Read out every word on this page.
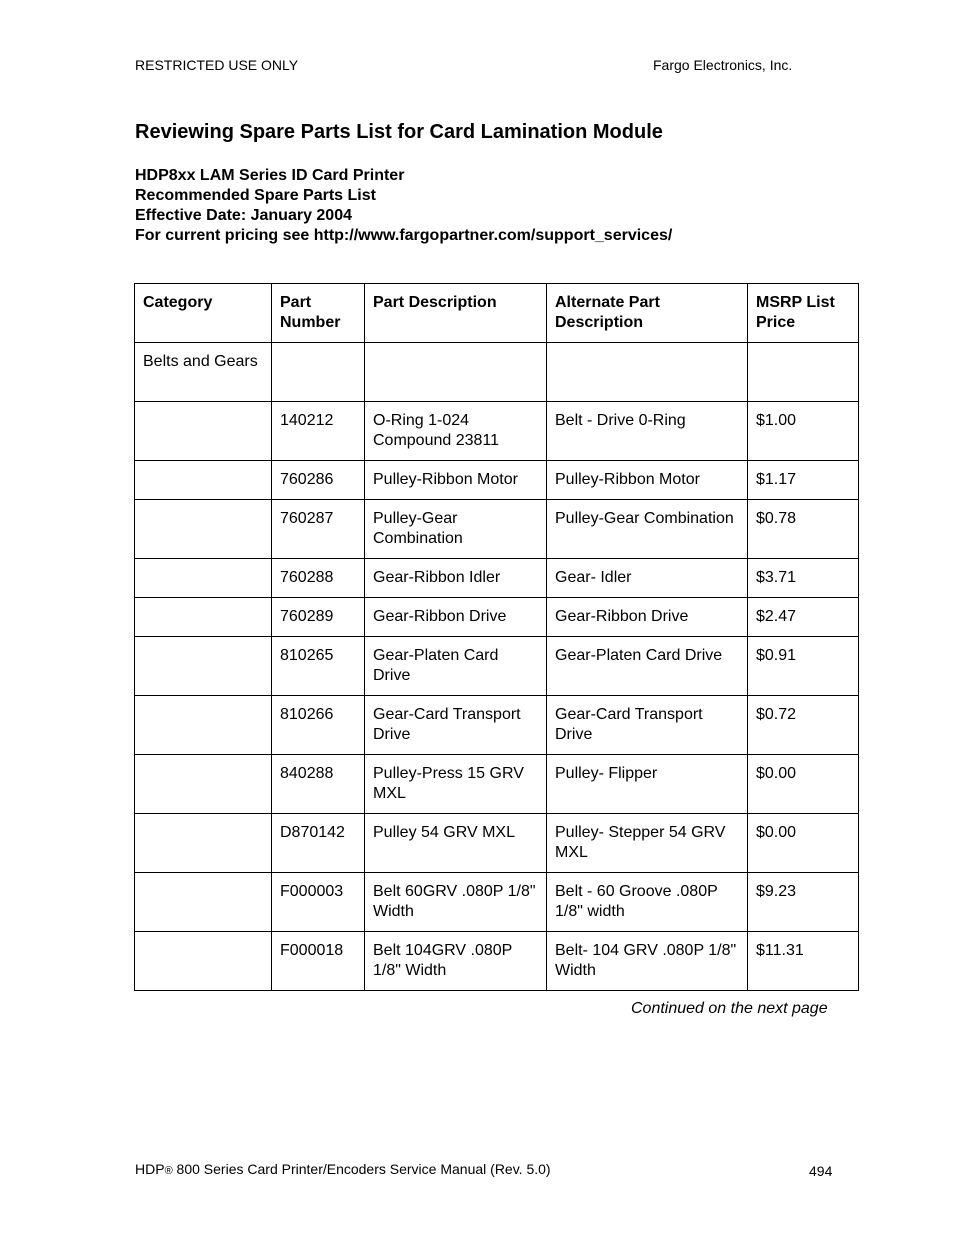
RESTRICTED USE ONLY	Fargo Electronics, Inc.
Reviewing Spare Parts List for Card Lamination Module
HDP8xx LAM Series ID Card Printer
Recommended Spare Parts List
Effective Date: January 2004
For current pricing see http://www.fargopartner.com/support_services/
Category	Part Number	Part Description	Alternate Part Description	MSRP List Price
Belts and Gears				
	140212	O-Ring 1-024 Compound 23811	Belt - Drive 0-Ring	$1.00
	760286	Pulley-Ribbon Motor	Pulley-Ribbon Motor	$1.17
	760287	Pulley-Gear Combination	Pulley-Gear Combination	$0.78
	760288	Gear-Ribbon Idler	Gear- Idler	$3.71
	760289	Gear-Ribbon Drive	Gear-Ribbon Drive	$2.47
	810265	Gear-Platen Card Drive	Gear-Platen Card Drive	$0.91
	810266	Gear-Card Transport Drive	Gear-Card Transport Drive	$0.72
	840288	Pulley-Press 15 GRV MXL	Pulley- Flipper	$0.00
	D870142	Pulley 54 GRV MXL	Pulley- Stepper 54 GRV MXL	$0.00
	F000003	Belt 60GRV .080P 1/8" Width	Belt - 60 Groove .080P 1/8" width	$9.23
	F000018	Belt 104GRV .080P 1/8" Width	Belt- 104 GRV .080P 1/8" Width	$11.31
Continued on the next page
HDP® 800 Series Card Printer/Encoders Service Manual (Rev. 5.0)	494
